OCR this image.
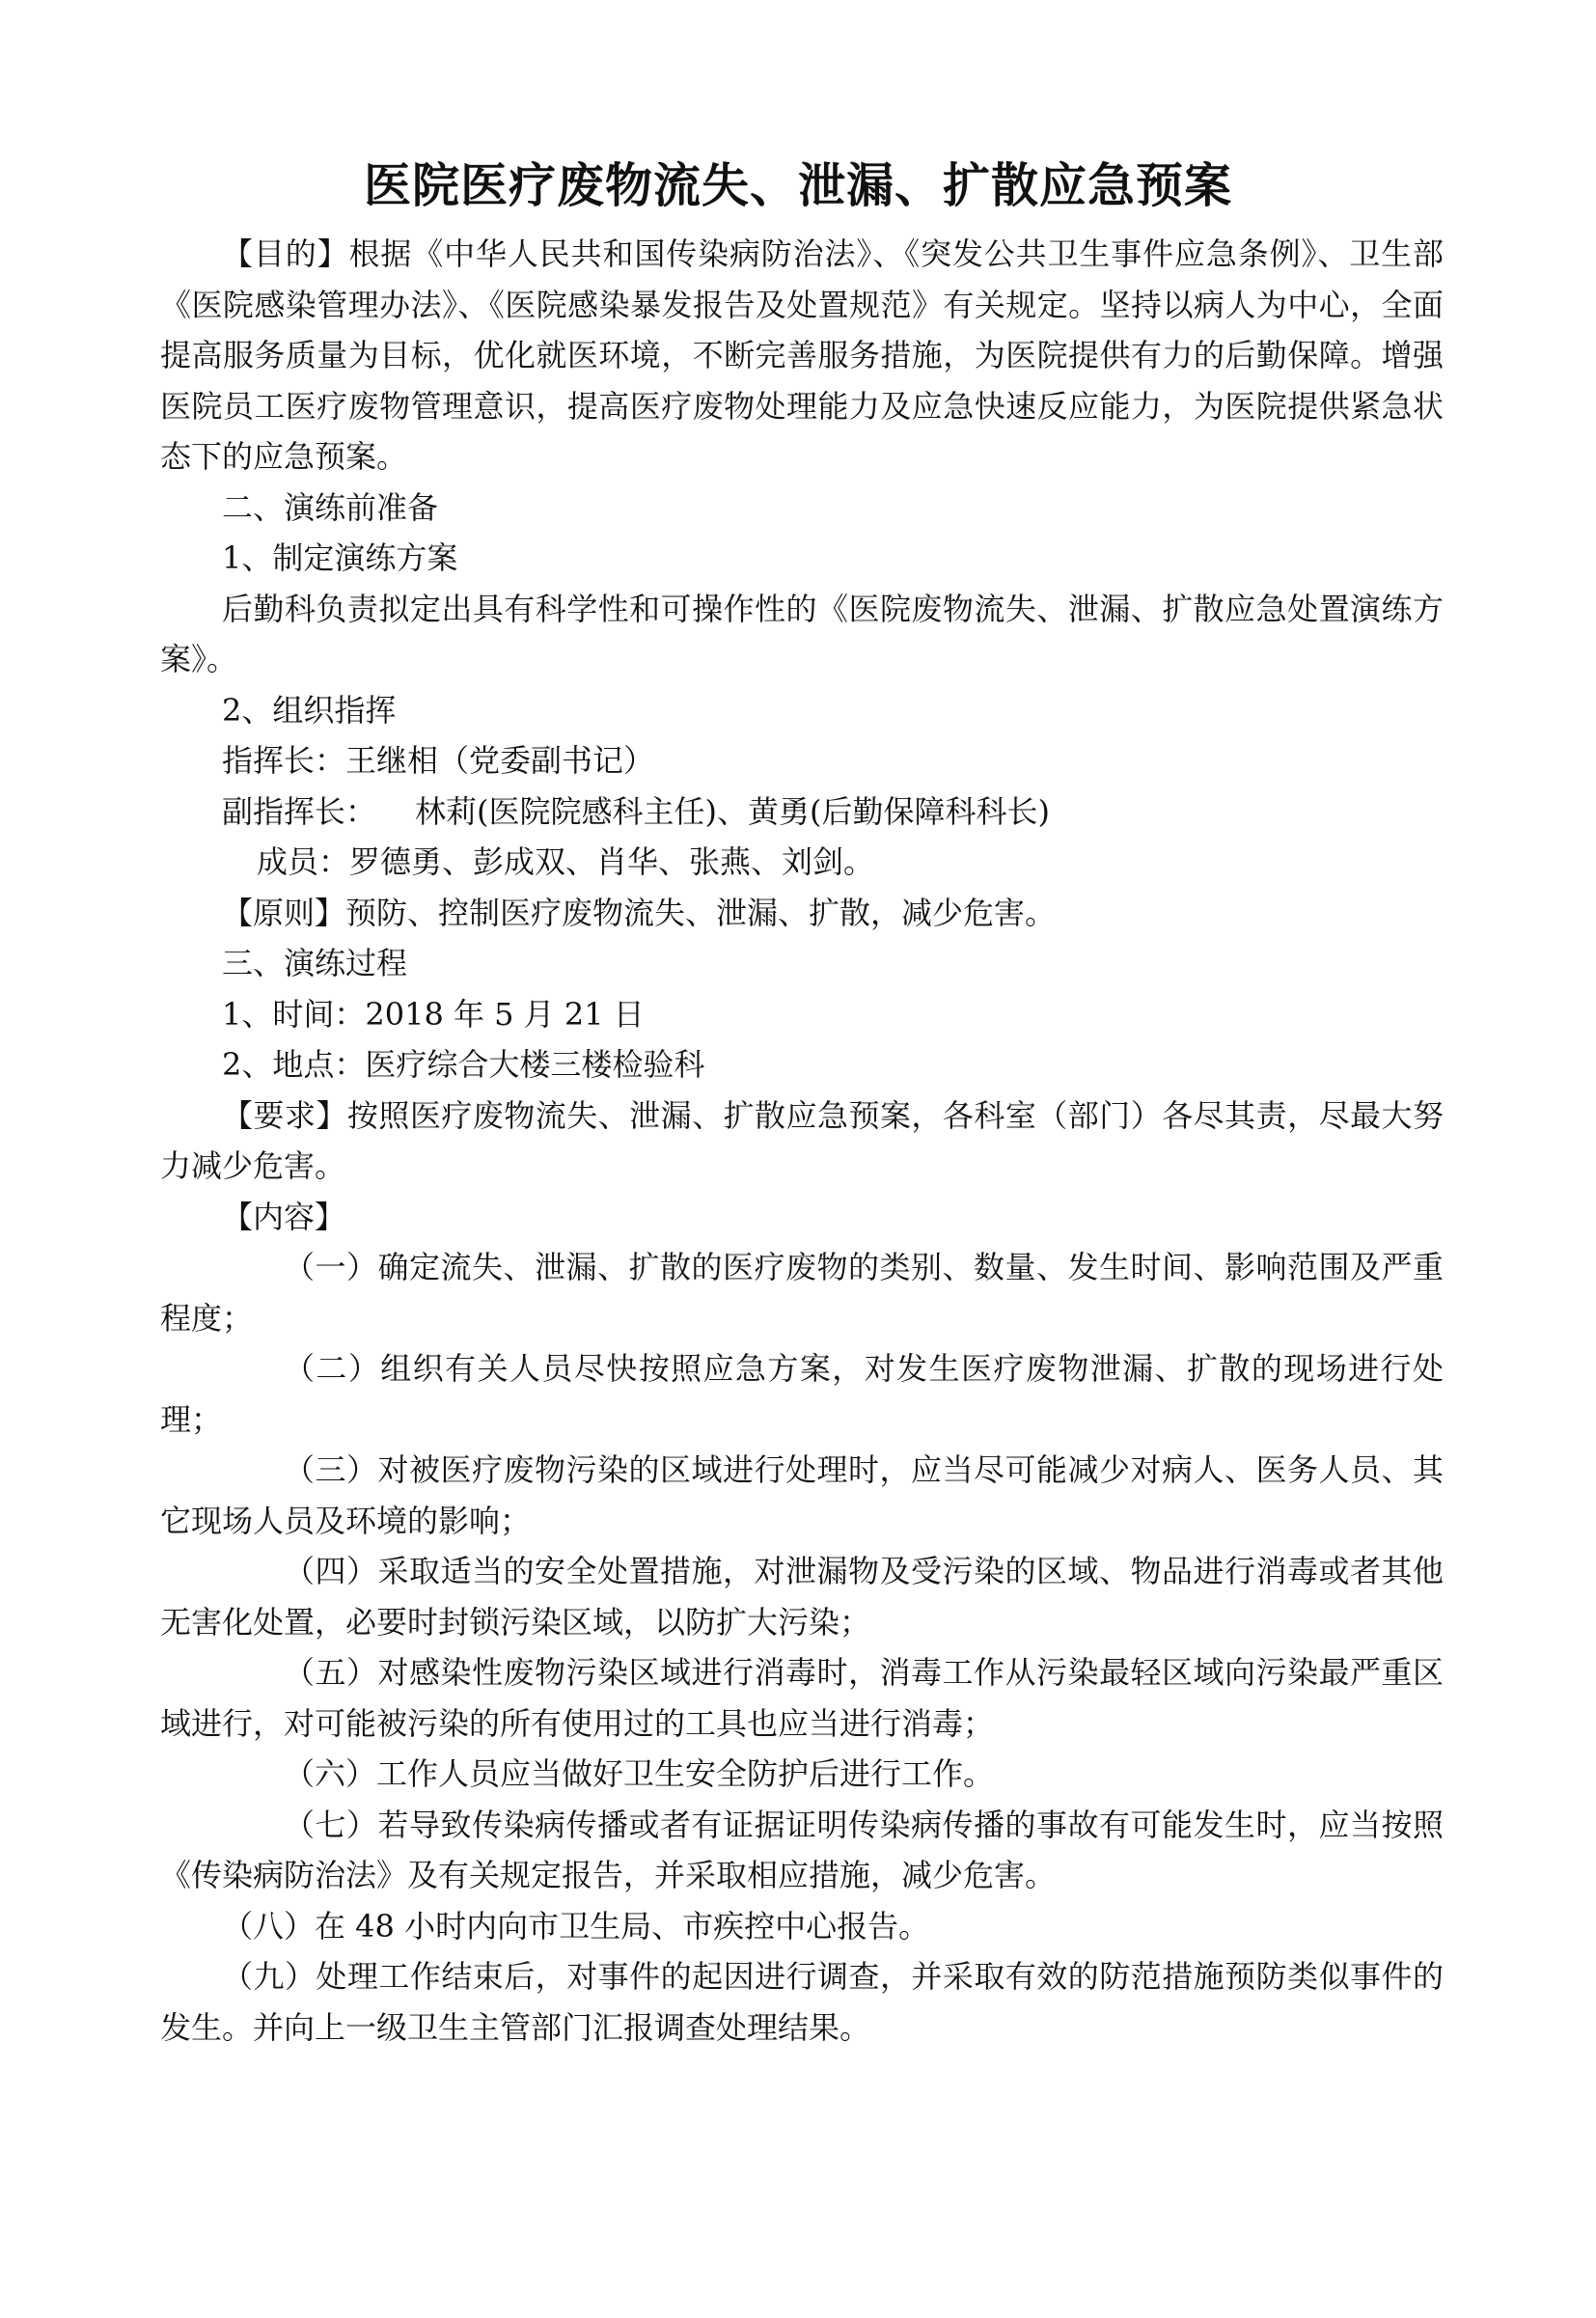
医院医疗废物流失、泄漏、扩散应急预案

【目的】根据《中华人民共和国传染病防治法》、《突发公共卫生事件应急条例》、卫生部《医院感染管理办法》、《医院感染暴发报告及处置规范》有关规定。坚持以病人为中心，全面提高服务质量为目标，优化就医环境，不断完善服务措施，为医院提供有力的后勤保障。增强医院员工医疗废物管理意识，提高医疗废物处理能力及应急快速反应能力，为医院提供紧急状态下的应急预案。

二、演练前准备

1、制定演练方案

后勤科负责拟定出具有科学性和可操作性的《医院废物流失、泄漏、扩散应急处置演练方案》。

2、组织指挥

指挥长：王继相（党委副书记）

副指挥长： 林莉(医院院感科主任)、黄勇(后勤保障科科长)

成员：罗德勇、彭成双、肖华、张燕、刘剑。

【原则】预防、控制医疗废物流失、泄漏、扩散，减少危害。

三、演练过程

1、时间：2018 年 5 月 21 日

2、地点：医疗综合大楼三楼检验科

【要求】按照医疗废物流失、泄漏、扩散应急预案，各科室（部门）各尽其责，尽最大努力减少危害。

【内容】

（一）确定流失、泄漏、扩散的医疗废物的类别、数量、发生时间、影响范围及严重程度；

（二）组织有关人员尽快按照应急方案，对发生医疗废物泄漏、扩散的现场进行处理；

（三）对被医疗废物污染的区域进行处理时，应当尽可能减少对病人、医务人员、其它现场人员及环境的影响；

（四）采取适当的安全处置措施，对泄漏物及受污染的区域、物品进行消毒或者其他无害化处置，必要时封锁污染区域，以防扩大污染；

（五）对感染性废物污染区域进行消毒时，消毒工作从污染最轻区域向污染最严重区域进行，对可能被污染的所有使用过的工具也应当进行消毒；

（六）工作人员应当做好卫生安全防护后进行工作。

（七）若导致传染病传播或者有证据证明传染病传播的事故有可能发生时，应当按照《传染病防治法》及有关规定报告，并采取相应措施，减少危害。

（八）在 48 小时内向市卫生局、市疾控中心报告。

（九）处理工作结束后，对事件的起因进行调查，并采取有效的防范措施预防类似事件的发生。并向上一级卫生主管部门汇报调查处理结果。
